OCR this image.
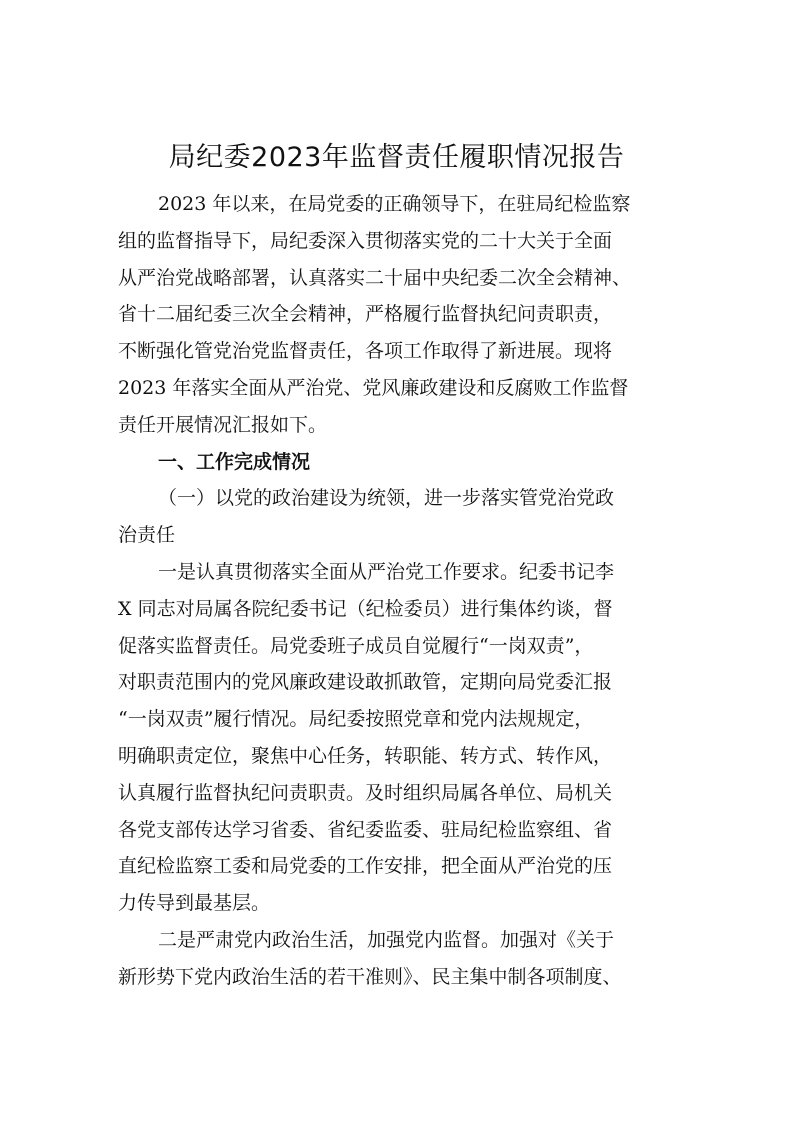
局纪委2023年监督责任履职情况报告
2023 年以来，在局党委的正确领导下，在驻局纪检监察
组的监督指导下，局纪委深入贯彻落实党的二十大关于全面
从严治党战略部署，认真落实二十届中央纪委二次全会精神、
省十二届纪委三次全会精神，严格履行监督执纪问责职责，
不断强化管党治党监督责任，各项工作取得了新进展。现将
2023 年落实全面从严治党、党风廉政建设和反腐败工作监督
责任开展情况汇报如下。
一、工作完成情况
（一）以党的政治建设为统领，进一步落实管党治党政
治责任
一是认真贯彻落实全面从严治党工作要求。纪委书记李
X 同志对局属各院纪委书记（纪检委员）进行集体约谈，督
促落实监督责任。局党委班子成员自觉履行“一岗双责”，
对职责范围内的党风廉政建设敢抓敢管，定期向局党委汇报
“一岗双责”履行情况。局纪委按照党章和党内法规规定，
明确职责定位，聚焦中心任务，转职能、转方式、转作风，
认真履行监督执纪问责职责。及时组织局属各单位、局机关
各党支部传达学习省委、省纪委监委、驻局纪检监察组、省
直纪检监察工委和局党委的工作安排，把全面从严治党的压
力传导到最基层。
二是严肃党内政治生活，加强党内监督。加强对《关于
新形势下党内政治生活的若干准则》、民主集中制各项制度、
